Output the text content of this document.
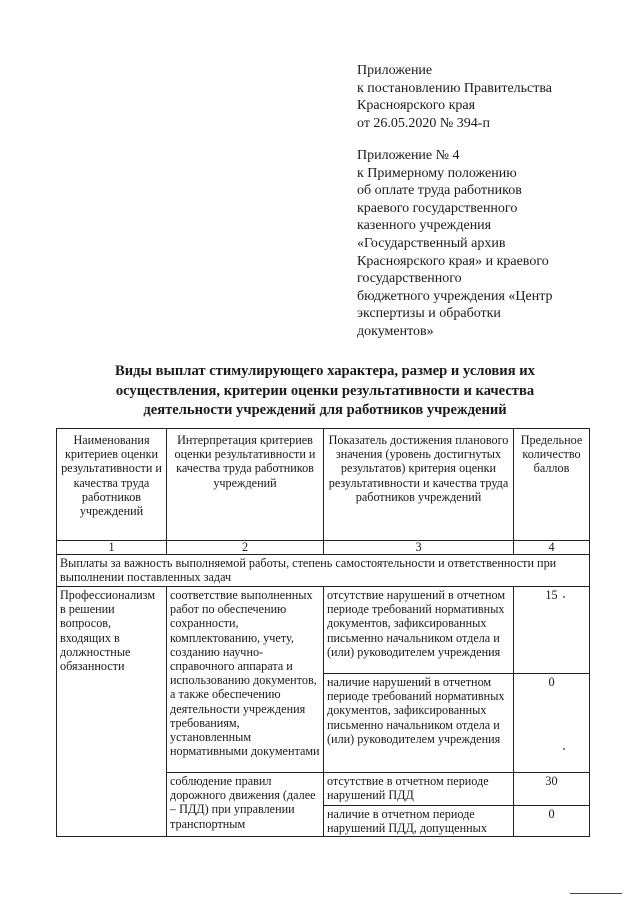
Приложение
к постановлению Правительства
Красноярского края
от 26.05.2020 № 394-п
Приложение № 4
к Примерному положению
об оплате труда работников
краевого государственного
казенного учреждения
«Государственный архив
Красноярского края» и краевого
государственного
бюджетного учреждения «Центр
экспертизы и обработки
документов»
Виды выплат стимулирующего характера, размер и условия их
осуществления, критерии оценки результативности и качества
деятельности учреждений для работников учреждений
Наименования критериев оценки результативности и качества труда работников учреждений	Интерпретация критериев оценки результативности и качества труда работников учреждений	Показатель достижения планового значения (уровень достигнутых результатов) критерия оценки результативности и качества труда работников учреждений	Предельное количество баллов
1	2	3	4
Выплаты за важность выполняемой работы, степень самостоятельности и ответственности при выполнении поставленных задач			
Профессионализм в решении вопросов, входящих в должностные обязанности	соответствие выполненных работ по обеспечению сохранности, комплектованию, учету, созданию научно-справочного аппарата и использованию документов, а также обеспечению деятельности учреждения требованиям, установленным нормативными документами	отсутствие нарушений в отчетном периоде требований нормативных документов, зафиксированных письменно начальником отдела и (или) руководителем учреждения	15
		наличие нарушений в отчетном периоде требований нормативных документов, зафиксированных письменно начальником отдела и (или) руководителем учреждения	0
	соблюдение правил дорожного движения (далее – ПДД) при управлении транспортным	отсутствие в отчетном периоде нарушений ПДД	30
		наличие в отчетном периоде нарушений ПДД, допущенных	0
